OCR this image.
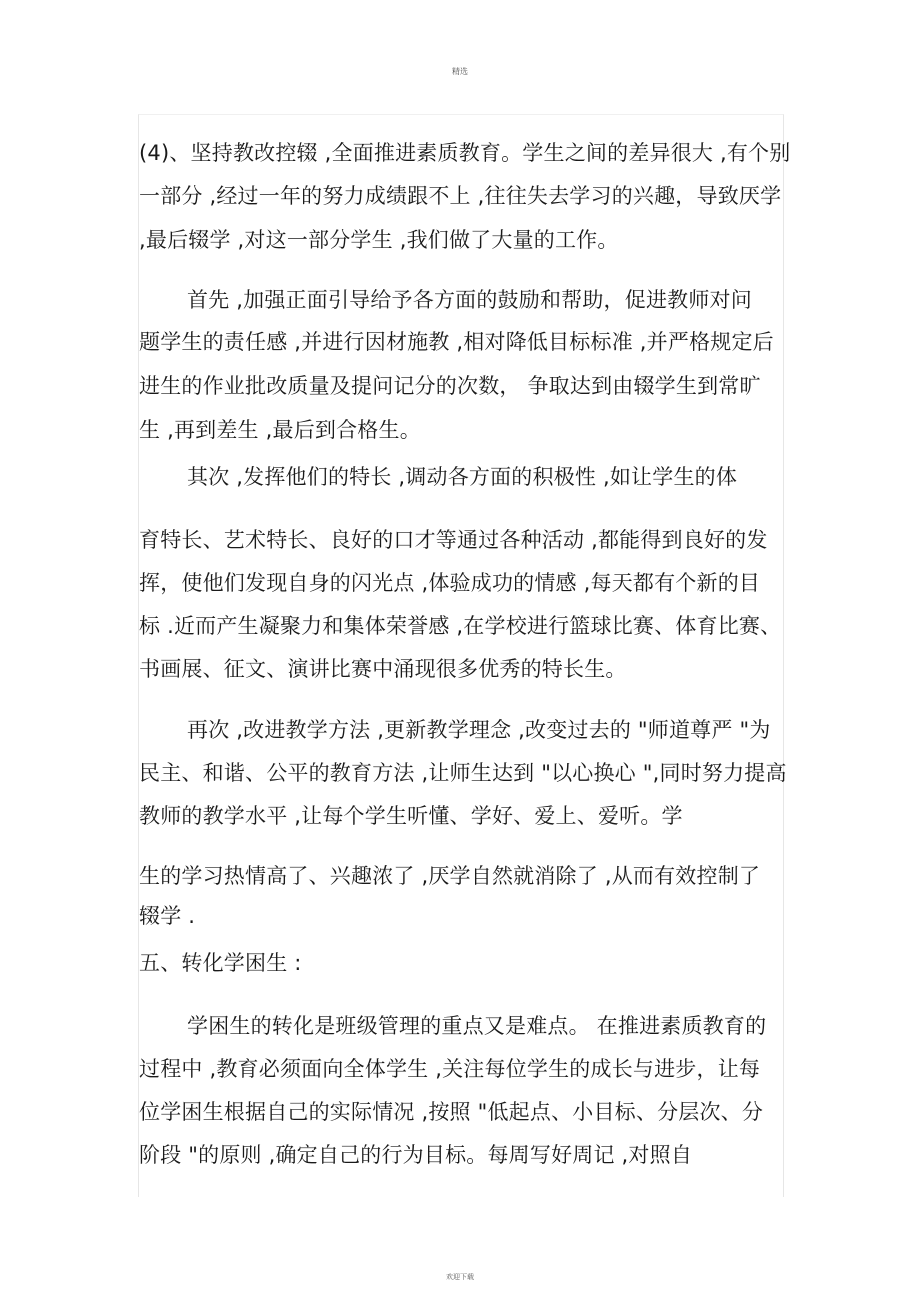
精选
(4)、坚持教改控辍 ,全面推进素质教育。学生之间的差异很大 ,有个别
一部分 ,经过一年的努力成绩跟不上 ,往往失去学习的兴趣，导致厌学
,最后辍学 ,对这一部分学生 ,我们做了大量的工作。
首先 ,加强正面引导给予各方面的鼓励和帮助，促进教师对问
题学生的责任感 ,并进行因材施教 ,相对降低目标标准 ,并严格规定后
进生的作业批改质量及提问记分的次数， 争取达到由辍学生到常旷
生 ,再到差生 ,最后到合格生。
其次 ,发挥他们的特长 ,调动各方面的积极性 ,如让学生的体
育特长、艺术特长、良好的口才等通过各种活动 ,都能得到良好的发
挥，使他们发现自身的闪光点 ,体验成功的情感 ,每天都有个新的目
标 .近而产生凝聚力和集体荣誉感 ,在学校进行篮球比赛、体育比赛、
书画展、征文、演讲比赛中涌现很多优秀的特长生。
再次 ,改进教学方法 ,更新教学理念 ,改变过去的 "师道尊严 "为
民主、和谐、公平的教育方法 ,让师生达到 "以心换心 ",同时努力提高
教师的教学水平 ,让每个学生听懂、学好、爱上、爱听。学
生的学习热情高了、兴趣浓了 ,厌学自然就消除了 ,从而有效控制了
辍学 .
五、转化学困生 :
学困生的转化是班级管理的重点又是难点。 在推进素质教育的
过程中 ,教育必须面向全体学生 ,关注每位学生的成长与进步，让每
位学困生根据自己的实际情况 ,按照 "低起点、小目标、分层次、分
阶段 "的原则 ,确定自己的行为目标。每周写好周记 ,对照自
欢迎下载
